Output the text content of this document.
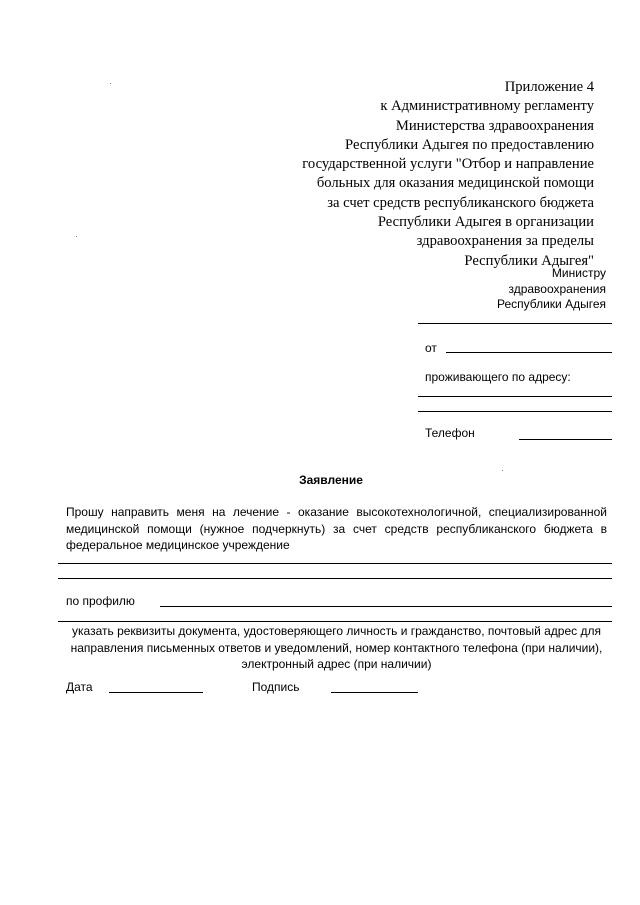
Приложение 4
к Административному регламенту
Министерства здравоохранения
Республики Адыгея по предоставлению
государственной услуги "Отбор и направление
больных для оказания медицинской помощи
за счет средств республиканского бюджета
Республики Адыгея в организации
здравоохранения за пределы
Республики Адыгея"
Министру
здравоохранения
Республики Адыгея
от
проживающего по адресу:
Телефон
Заявление
Прошу направить меня на лечение - оказание высокотехнологичной, специализированной медицинской помощи (нужное подчеркнуть) за счет средств республиканского бюджета в федеральное медицинское учреждение
по профилю
указать реквизиты документа, удостоверяющего личность и гражданство, почтовый адрес для направления письменных ответов и уведомлений, номер контактного телефона (при наличии), электронный адрес (при наличии)
Дата	Подпись
